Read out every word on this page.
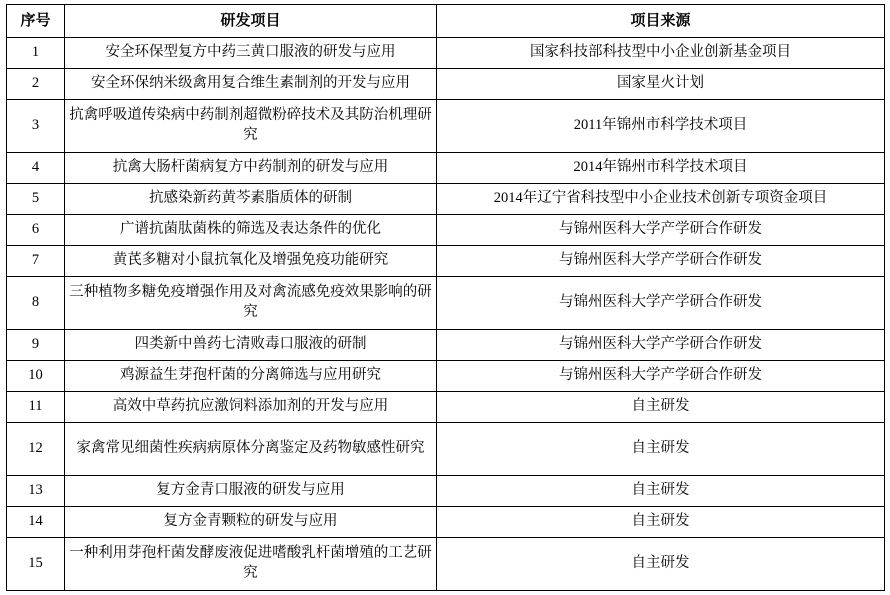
序号	研发项目	项目来源
1	安全环保型复方中药三黄口服液的研发与应用	国家科技部科技型中小企业创新基金项目
2	安全环保纳米级禽用复合维生素制剂的开发与应用	国家星火计划
3	抗禽呼吸道传染病中药制剂超微粉碎技术及其防治机理研究	2011年锦州市科学技术项目
4	抗禽大肠杆菌病复方中药制剂的研发与应用	2014年锦州市科学技术项目
5	抗感染新药黄芩素脂质体的研制	2014年辽宁省科技型中小企业技术创新专项资金项目
6	广谱抗菌肽菌株的筛选及表达条件的优化	与锦州医科大学产学研合作研发
7	黄芪多糖对小鼠抗氧化及增强免疫功能研究	与锦州医科大学产学研合作研发
8	三种植物多糖免疫增强作用及对禽流感免疫效果影响的研究	与锦州医科大学产学研合作研发
9	四类新中兽药七清败毒口服液的研制	与锦州医科大学产学研合作研发
10	鸡源益生芽孢杆菌的分离筛选与应用研究	与锦州医科大学产学研合作研发
11	高效中草药抗应激饲料添加剂的开发与应用	自主研发
12	家禽常见细菌性疾病病原体分离鉴定及药物敏感性研究	自主研发
13	复方金青口服液的研发与应用	自主研发
14	复方金青颗粒的研发与应用	自主研发
15	一种利用芽孢杆菌发酵废液促进嗜酸乳杆菌增殖的工艺研究	自主研发
